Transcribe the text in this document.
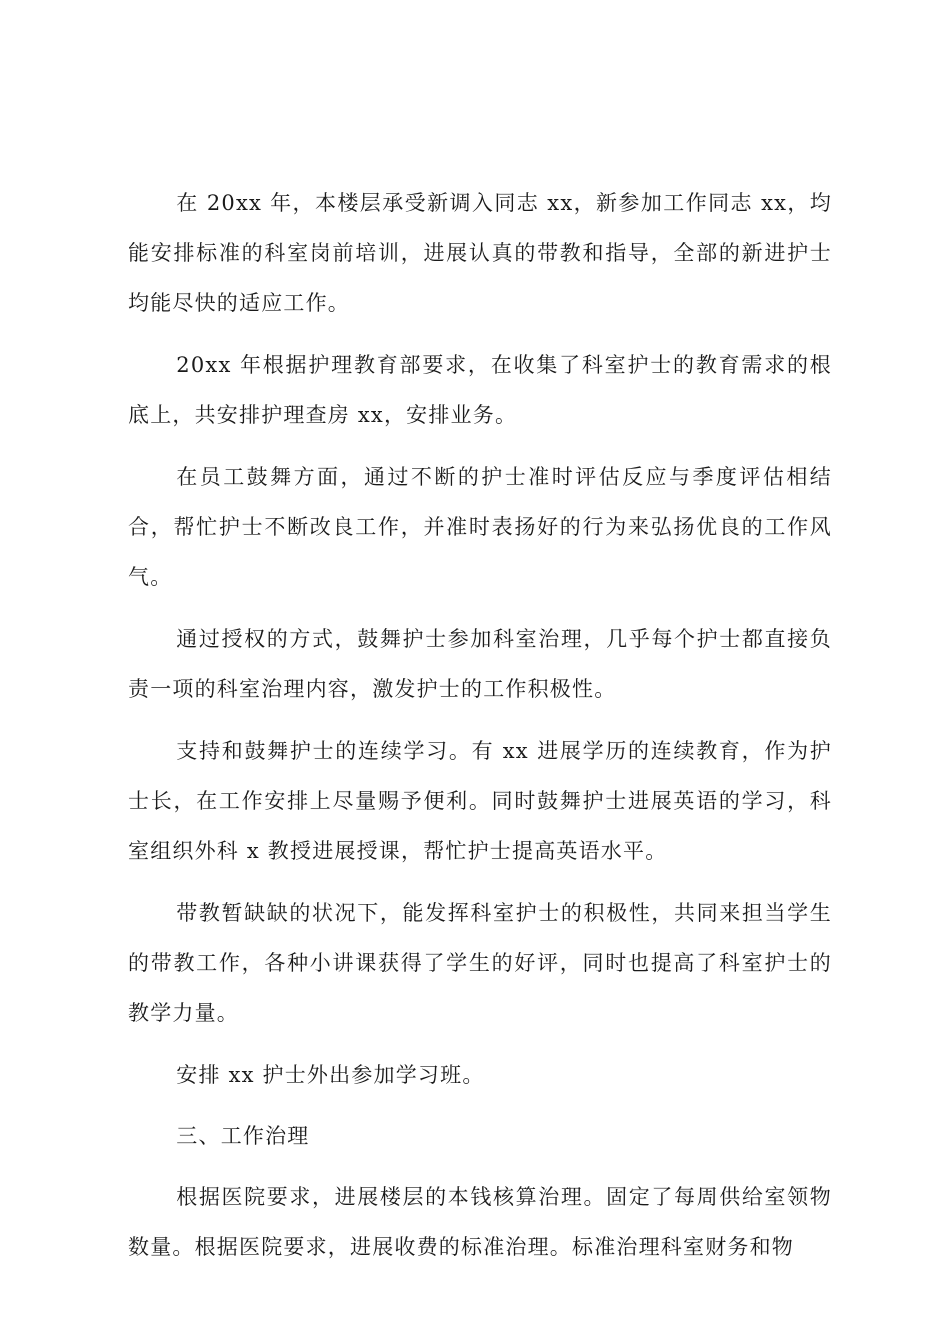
在 20xx 年，本楼层承受新调入同志 xx，新参加工作同志 xx，均能安排标准的科室岗前培训，进展认真的带教和指导，全部的新进护士均能尽快的适应工作。

20xx 年根据护理教育部要求，在收集了科室护士的教育需求的根底上，共安排护理查房 xx，安排业务。

在员工鼓舞方面，通过不断的护士准时评估反应与季度评估相结合，帮忙护士不断改良工作，并准时表扬好的行为来弘扬优良的工作风气。

通过授权的方式，鼓舞护士参加科室治理，几乎每个护士都直接负责一项的科室治理内容，激发护士的工作积极性。

支持和鼓舞护士的连续学习。有 xx 进展学历的连续教育，作为护士长，在工作安排上尽量赐予便利。同时鼓舞护士进展英语的学习，科室组织外科 x 教授进展授课，帮忙护士提高英语水平。

带教暂缺缺的状况下，能发挥科室护士的积极性，共同来担当学生的带教工作，各种小讲课获得了学生的好评，同时也提高了科室护士的教学力量。

安排 xx 护士外出参加学习班。

三、工作治理

根据医院要求，进展楼层的本钱核算治理。固定了每周供给室领物数量。根据医院要求，进展收费的标准治理。标准治理科室财务和物
